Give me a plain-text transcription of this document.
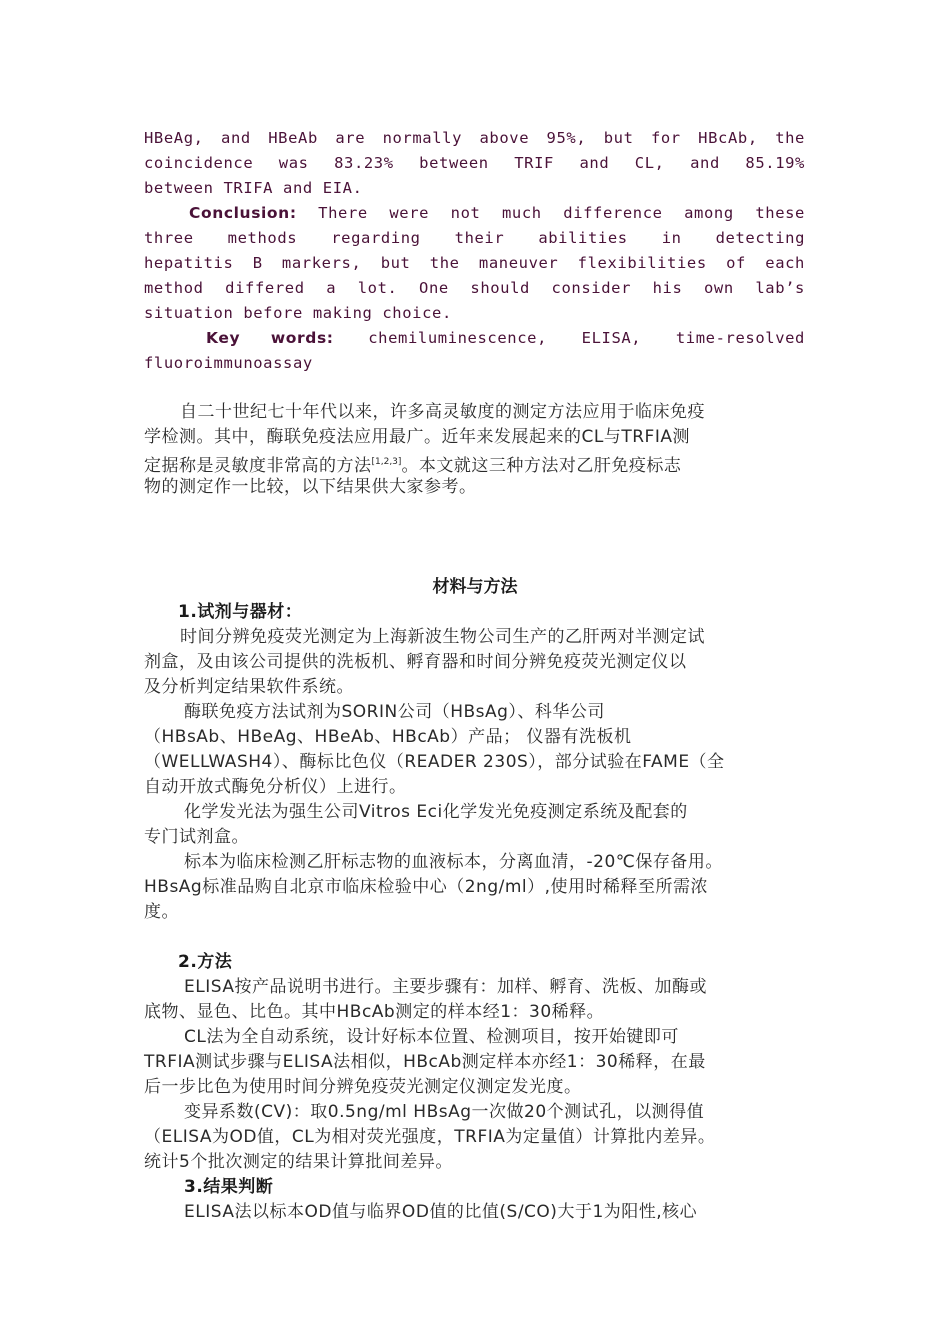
HBeAg, and HBeAb are normally above 95%, but for HBcAb, the
coincidence was 83.23% between TRIF and CL, and 85.19%
between TRIFA and EIA.
Conclusion: There were not much difference among these
three methods regarding their abilities in detecting
hepatitis B markers, but the maneuver flexibilities of each
method differed a lot. One should consider his own lab’s
situation before making choice.
Key words: chemiluminescence, ELISA, time-resolved
fluoroimmunoassay
自二十世纪七十年代以来，许多高灵敏度的测定方法应用于临床免疫
学检测。其中，酶联免疫法应用最广。近年来发展起来的CL与TRFIA测
定据称是灵敏度非常高的方法[1,2,3]。本文就这三种方法对乙肝免疫标志
物的测定作一比较，以下结果供大家参考。
材料与方法
1.试剂与器材：
时间分辨免疫荧光测定为上海新波生物公司生产的乙肝两对半测定试
剂盒，及由该公司提供的洗板机、孵育器和时间分辨免疫荧光测定仪以
及分析判定结果软件系统。
酶联免疫方法试剂为SORIN公司（HBsAg）、科华公司
（HBsAb、HBeAg、HBeAb、HBcAb）产品； 仪器有洗板机
（WELLWASH4）、酶标比色仪（READER 230S），部分试验在FAME（全
自动开放式酶免分析仪）上进行。
化学发光法为强生公司Vitros Eci化学发光免疫测定系统及配套的
专门试剂盒。
标本为临床检测乙肝标志物的血液标本，分离血清，-20℃保存备用。
HBsAg标准品购自北京市临床检验中心（2ng/ml）,使用时稀释至所需浓
度。
2.方法
ELISA按产品说明书进行。主要步骤有：加样、孵育、洗板、加酶或
底物、显色、比色。其中HBcAb测定的样本经1：30稀释。
CL法为全自动系统，设计好标本位置、检测项目，按开始键即可
TRFIA测试步骤与ELISA法相似，HBcAb测定样本亦经1：30稀释，在最
后一步比色为使用时间分辨免疫荧光测定仪测定发光度。
变异系数(CV)：取0.5ng/ml HBsAg一次做20个测试孔，以测得值
（ELISA为OD值，CL为相对荧光强度，TRFIA为定量值）计算批内差异。
统计5个批次测定的结果计算批间差异。
3.结果判断
ELISA法以标本OD值与临界OD值的比值(S/CO)大于1为阳性,核心
